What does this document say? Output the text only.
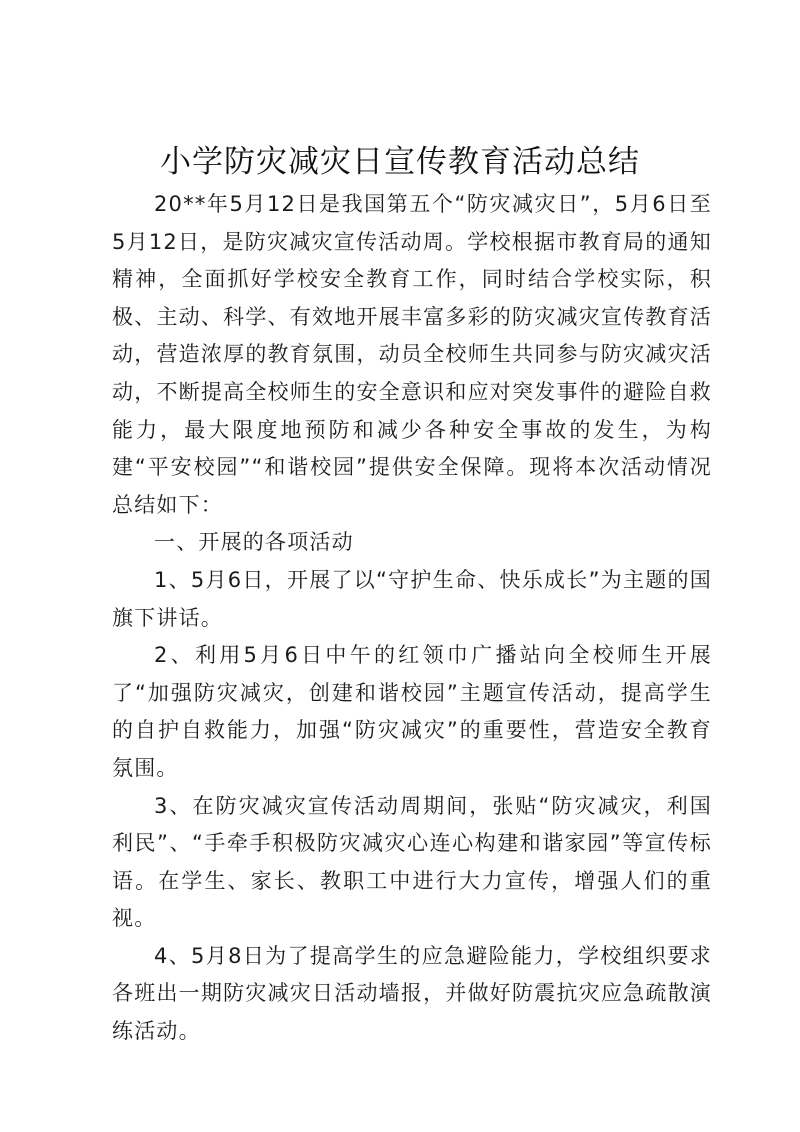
小学防灾减灾日宣传教育活动总结

20**年5月12日是我国第五个“防灾减灾日”，5月6日至5月12日，是防灾减灾宣传活动周。学校根据市教育局的通知精神，全面抓好学校安全教育工作，同时结合学校实际，积极、主动、科学、有效地开展丰富多彩的防灾减灾宣传教育活动，营造浓厚的教育氛围，动员全校师生共同参与防灾减灾活动，不断提高全校师生的安全意识和应对突发事件的避险自救能力，最大限度地预防和减少各种安全事故的发生，为构建“平安校园”“和谐校园”提供安全保障。现将本次活动情况总结如下：

一、开展的各项活动

1、5月6日，开展了以“守护生命、快乐成长”为主题的国旗下讲话。

2、利用5月6日中午的红领巾广播站向全校师生开展了“加强防灾减灾，创建和谐校园”主题宣传活动，提高学生的自护自救能力，加强“防灾减灾”的重要性，营造安全教育氛围。

3、在防灾减灾宣传活动周期间，张贴“防灾减灾，利国利民”、“手牵手积极防灾减灾心连心构建和谐家园”等宣传标语。在学生、家长、教职工中进行大力宣传，增强人们的重视。

4、5月8日为了提高学生的应急避险能力，学校组织要求各班出一期防灾减灾日活动墙报，并做好防震抗灾应急疏散演练活动。
